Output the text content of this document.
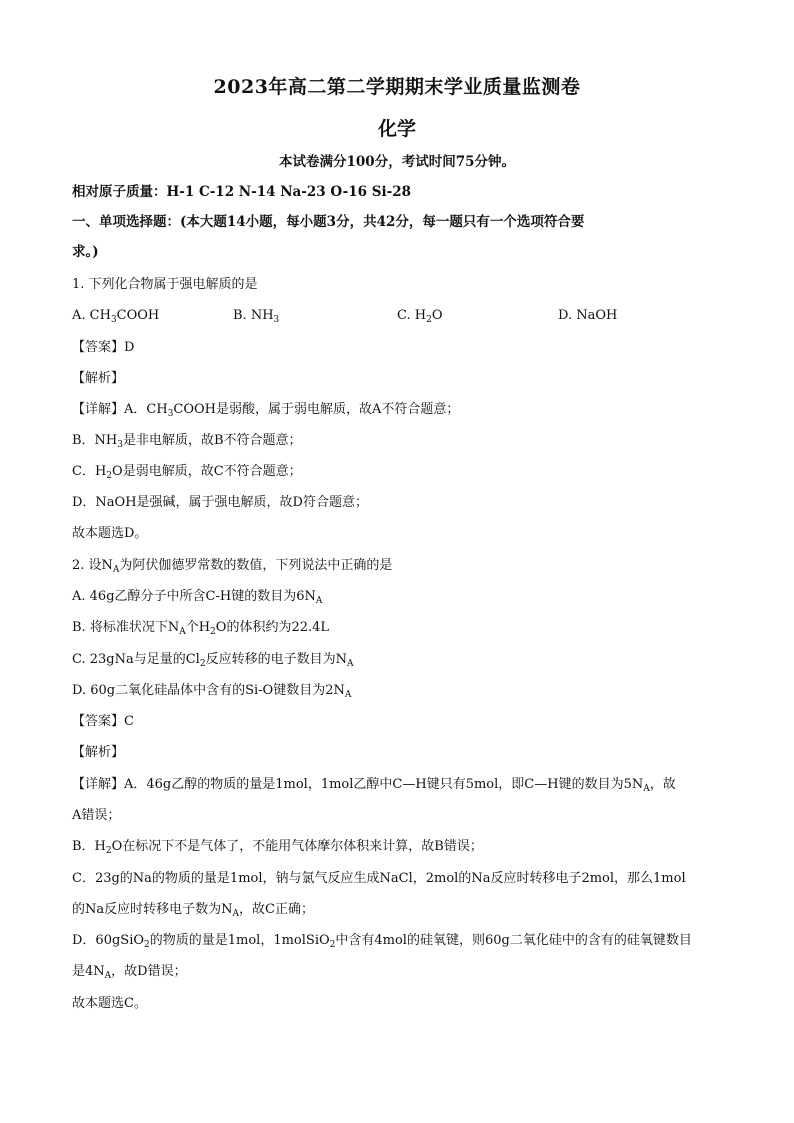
2023年高二第二学期期末学业质量监测卷
化学
本试卷满分100分，考试时间75分钟。
相对原子质量：H-1 C-12 N-14 Na-23 O-16 Si-28
一、单项选择题：(本大题14小题，每小题3分，共42分，每一题只有一个选项符合要
求。)
1. 下列化合物属于强电解质的是
A. $CH_3COOH$	B. $NH_3$	C. $H_2O$	D. NaOH
【答案】D
【解析】
【详解】A．$CH_3COOH$是弱酸，属于弱电解质，故A不符合题意；
B．$NH_3$是非电解质，故B不符合题意；
C．$H_2O$是弱电解质，故C不符合题意；
D．NaOH是强碱，属于强电解质，故D符合题意；
故本题选D。
2. 设$N_A$为阿伏伽德罗常数的数值，下列说法中正确的是
A. 46g乙醇分子中所含C-H键的数目为$6N_A$
B. 将标准状况下$N_A$个$H_2O$的体积约为22.4L
C. 23gNa与足量的$Cl_2$反应转移的电子数目为$N_A$
D. 60g二氧化硅晶体中含有的Si-O键数目为$2N_A$
【答案】C
【解析】
【详解】A．46g乙醇的物质的量是1mol，1mol乙醇中C—H键只有5mol，即C—H键的数目为$5N_A$，故
A错误；
B．$H_2O$在标况下不是气体了，不能用气体摩尔体积来计算，故B错误；
C．23g的Na的物质的量是1mol，钠与氯气反应生成NaCl，2mol的Na反应时转移电子2mol，那么1mol
的Na反应时转移电子数为$N_A$，故C正确；
D．60gSiO$_2$的物质的量是1mol，1molSiO$_2$中含有4mol的硅氧键，则60g二氧化硅中的含有的硅氧键数目
是$4N_A$，故D错误；
故本题选C。
